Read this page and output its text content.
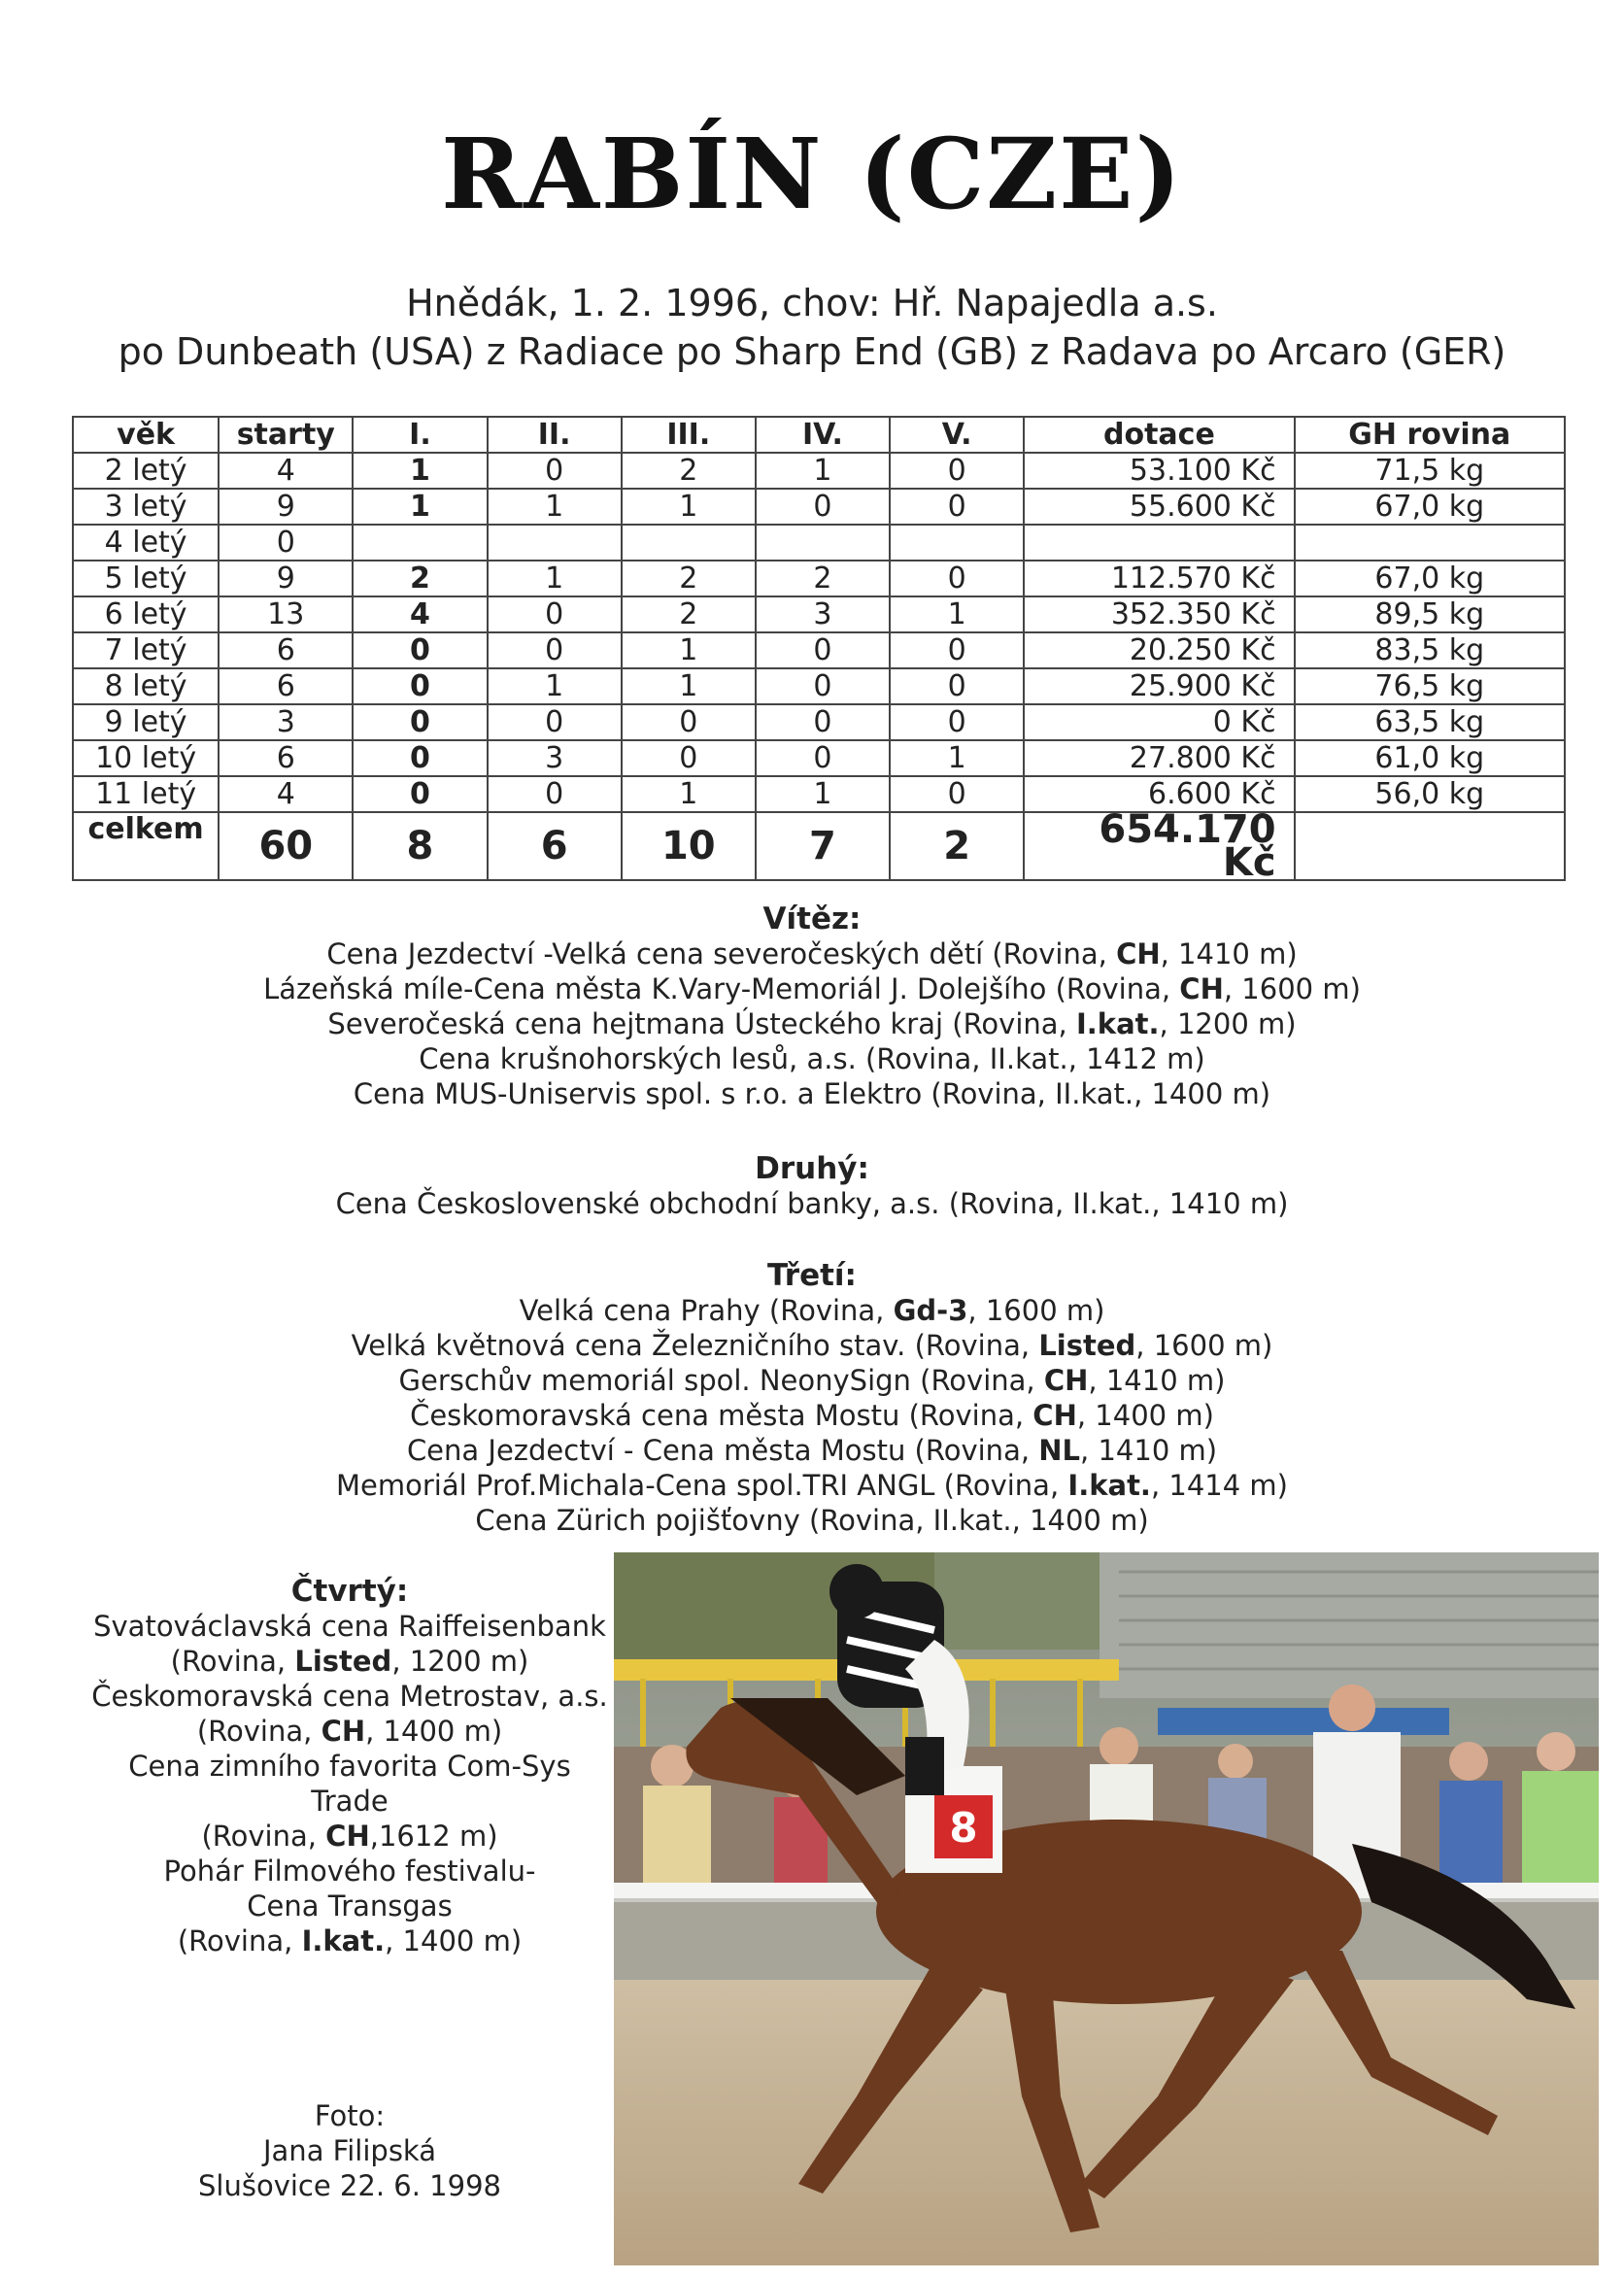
RABÍN (CZE)
Hnědák, 1. 2. 1996, chov: Hř. Napajedla a.s.
po Dunbeath (USA) z Radiace po Sharp End (GB) z Radava po Arcaro (GER)
věk	starty	I.	II.	III.	IV.	V.	dotace	GH rovina
2 letý	4	1	0	2	1	0	53.100 Kč	71,5 kg
3 letý	9	1	1	1	0	0	55.600 Kč	67,0 kg
4 letý	0							
5 letý	9	2	1	2	2	0	112.570 Kč	67,0 kg
6 letý	13	4	0	2	3	1	352.350 Kč	89,5 kg
7 letý	6	0	0	1	0	0	20.250 Kč	83,5 kg
8 letý	6	0	1	1	0	0	25.900 Kč	76,5 kg
9 letý	3	0	0	0	0	0	0 Kč	63,5 kg
10 letý	6	0	3	0	0	1	27.800 Kč	61,0 kg
11 letý	4	0	0	1	1	0	6.600 Kč	56,0 kg
celkem	60	8	6	10	7	2	654.170 Kč	
Vítěz:
Cena Jezdectví -Velká cena severočeských dětí (Rovina, CH, 1410 m)
Lázeňská míle-Cena města K.Vary-Memoriál J. Dolejšího (Rovina, CH, 1600 m)
Severočeská cena hejtmana Ústeckého kraj (Rovina, I.kat., 1200 m)
Cena krušnohorských lesů, a.s. (Rovina, II.kat., 1412 m)
Cena MUS-Uniservis spol. s r.o. a Elektro (Rovina, II.kat., 1400 m)
Druhý:
Cena Československé obchodní banky, a.s. (Rovina, II.kat., 1410 m)
Třetí:
Velká cena Prahy (Rovina, Gd-3, 1600 m)
Velká květnová cena Železničního stav. (Rovina, Listed, 1600 m)
Gerschův memoriál spol. NeonySign (Rovina, CH, 1410 m)
Českomoravská cena města Mostu (Rovina, CH, 1400 m)
Cena Jezdectví - Cena města Mostu (Rovina, NL, 1410 m)
Memoriál Prof.Michala-Cena spol.TRI ANGL (Rovina, I.kat., 1414 m)
Cena Zürich pojišťovny (Rovina, II.kat., 1400 m)
Čtvrtý:
Svatováclavská cena Raiffeisenbank
(Rovina, Listed, 1200 m)
Českomoravská cena Metrostav, a.s.
(Rovina, CH, 1400 m)
Cena zimního favorita Com-Sys Trade
(Rovina, CH,1612 m)
Pohár Filmového festivalu-
Cena Transgas
(Rovina, I.kat., 1400 m)
Foto:
Jana Filipská
Slušovice 22. 6. 1998
8
